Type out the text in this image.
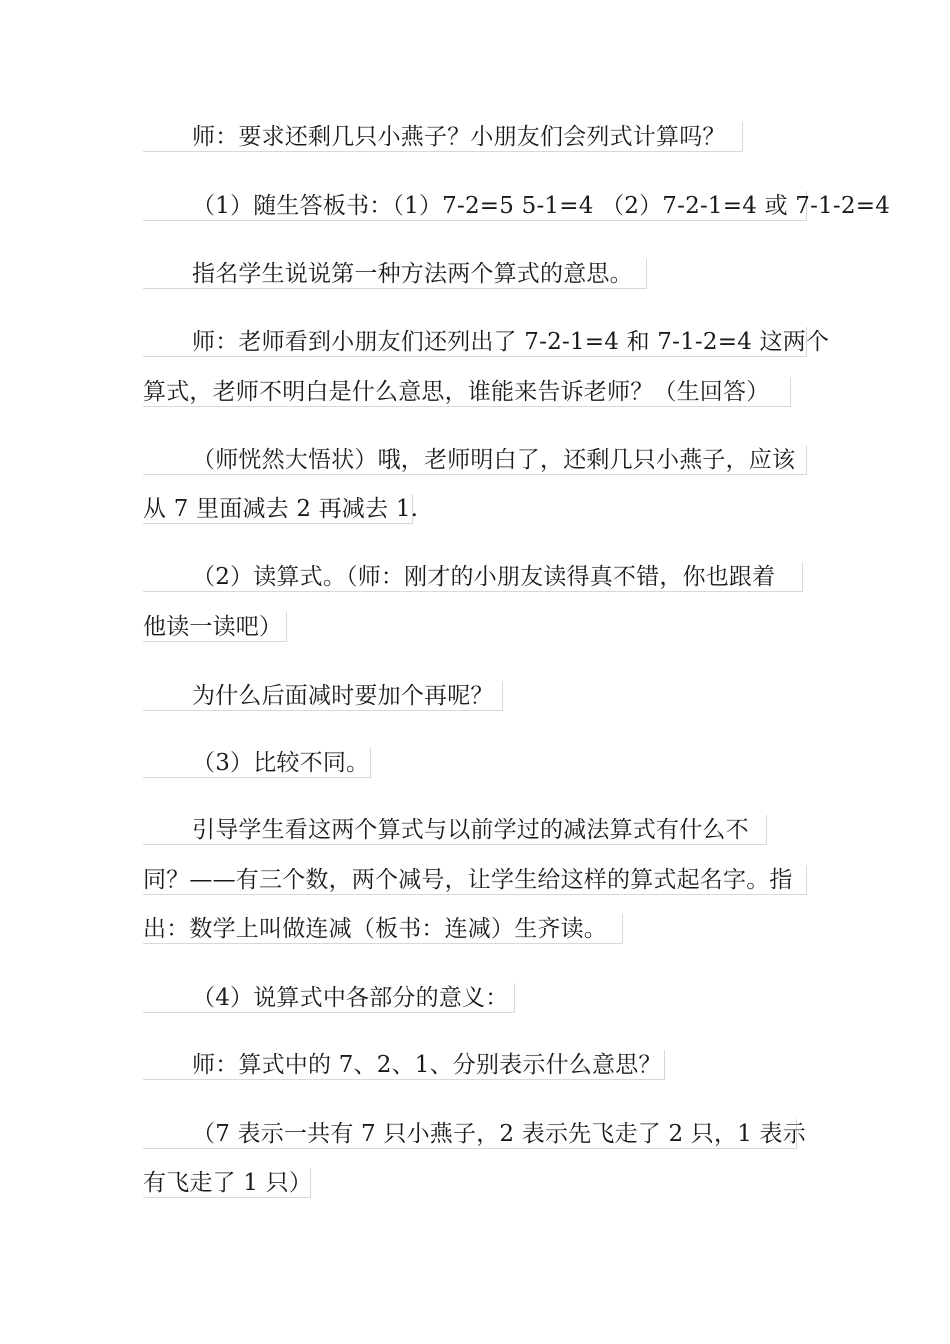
师：要求还剩几只小燕子？小朋友们会列式计算吗？
（1）随生答板书：（1）7-2=5 5-1=4 （2）7-2-1=4 或 7-1-2=4
指名学生说说第一种方法两个算式的意思。
师：老师看到小朋友们还列出了 7-2-1=4 和 7-1-2=4 这两个
算式，老师不明白是什么意思，谁能来告诉老师？（生回答）
（师恍然大悟状）哦，老师明白了，还剩几只小燕子，应该
从 7 里面减去 2 再减去 1.
（2）读算式。（师：刚才的小朋友读得真不错，你也跟着
他读一读吧）
为什么后面减时要加个再呢？
（3）比较不同。
引导学生看这两个算式与以前学过的减法算式有什么不
同？——有三个数，两个减号，让学生给这样的算式起名字。指
出：数学上叫做连减（板书：连减）生齐读。
（4）说算式中各部分的意义：
师：算式中的 7、2、1、分别表示什么意思？
（7 表示一共有 7 只小燕子，2 表示先飞走了 2 只，1 表示
有飞走了 1 只）
